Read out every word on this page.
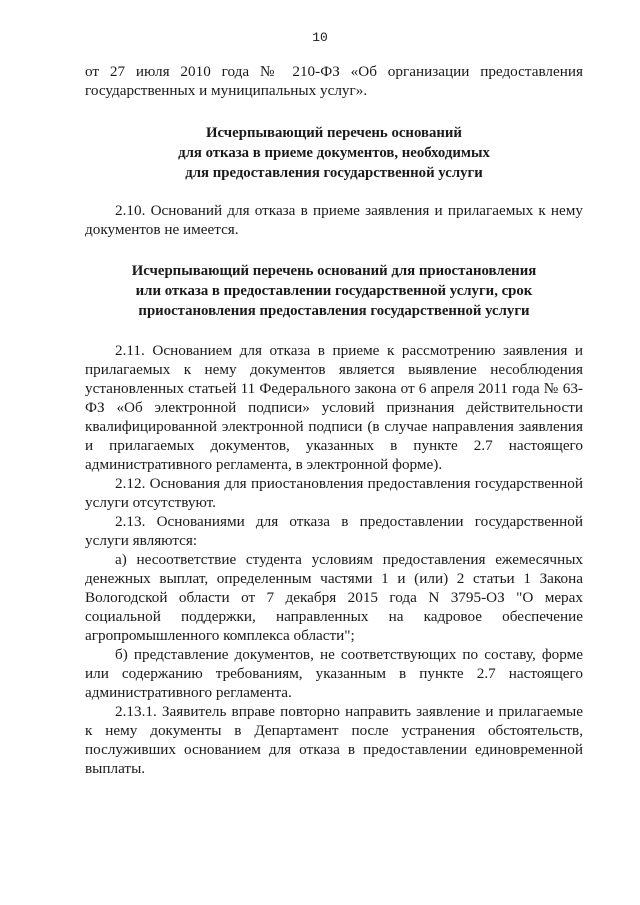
10

от 27 июля 2010 года № 210-ФЗ «Об организации предоставления государственных и муниципальных услуг».

Исчерпывающий перечень оснований
для отказа в приеме документов, необходимых
для предоставления государственной услуги

2.10. Оснований для отказа в приеме заявления и прилагаемых к нему документов не имеется.

Исчерпывающий перечень оснований для приостановления
или отказа в предоставлении государственной услуги, срок
приостановления предоставления государственной услуги

2.11. Основанием для отказа в приеме к рассмотрению заявления и прилагаемых к нему документов является выявление несоблюдения установленных статьей 11 Федерального закона от 6 апреля 2011 года № 63-ФЗ «Об электронной подписи» условий признания действительности квалифицированной электронной подписи (в случае направления заявления и прилагаемых документов, указанных в пункте 2.7 настоящего административного регламента, в электронной форме).

2.12. Основания для приостановления предоставления государственной услуги отсутствуют.

2.13. Основаниями для отказа в предоставлении государственной услуги являются:

а) несоответствие студента условиям предоставления ежемесячных денежных выплат, определенным частями 1 и (или) 2 статьи 1 Закона Вологодской области от 7 декабря 2015 года N 3795-ОЗ "О мерах социальной поддержки, направленных на кадровое обеспечение агропромышленного комплекса области";

б) представление документов, не соответствующих по составу, форме или содержанию требованиям, указанным в пункте 2.7 настоящего административного регламента.

2.13.1. Заявитель вправе повторно направить заявление и прилагаемые к нему документы в Департамент после устранения обстоятельств, послуживших основанием для отказа в предоставлении единовременной выплаты.
